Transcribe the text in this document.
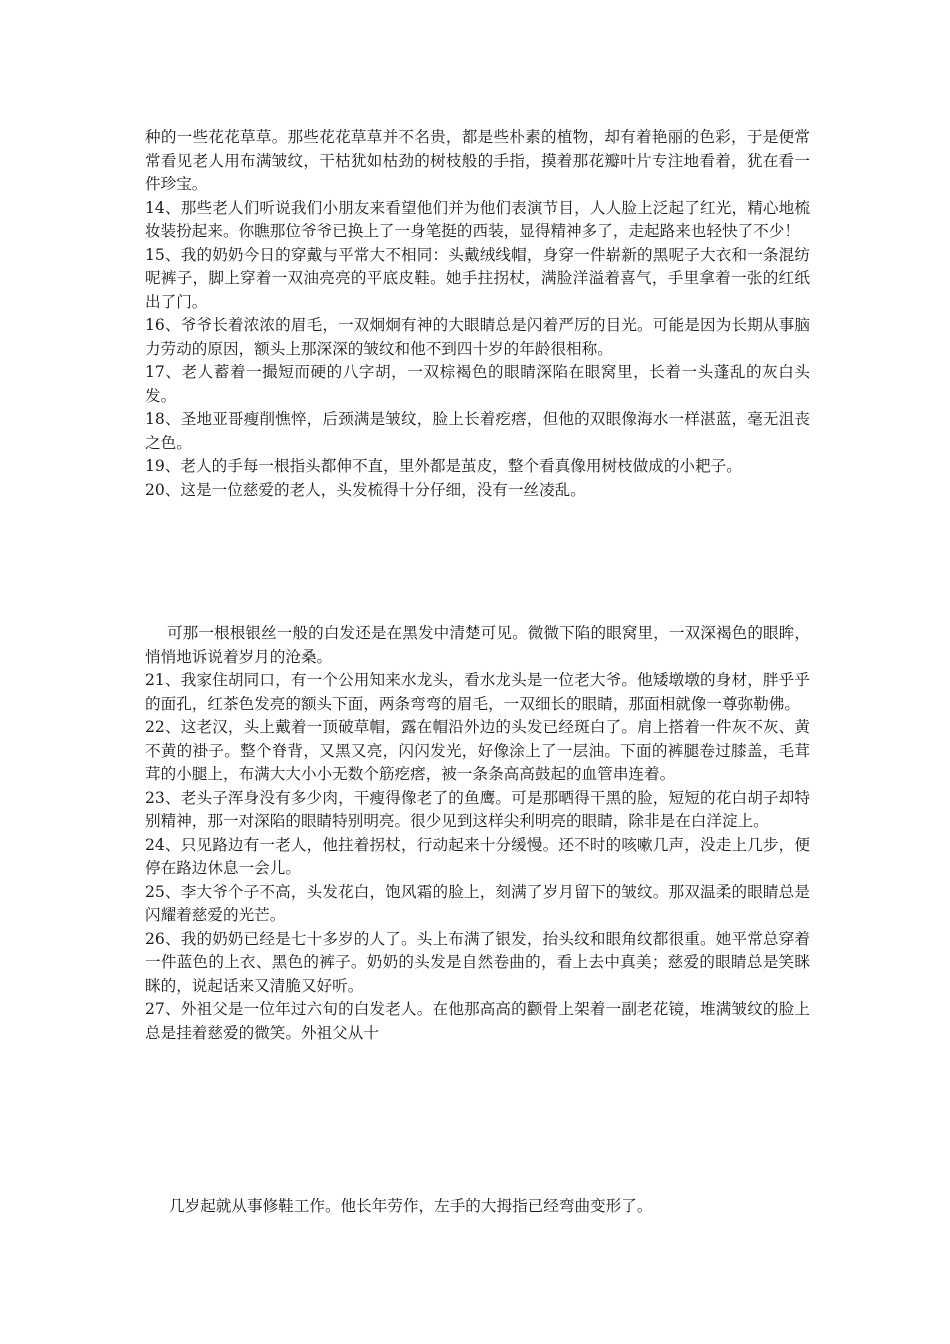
种的一些花花草草。那些花花草草并不名贵，都是些朴素的植物，却有着艳丽的色彩，于是便常常看见老人用布满皱纹，干枯犹如枯劲的树枝般的手指，摸着那花瓣叶片专注地看着，犹在看一件珍宝。

14、那些老人们听说我们小朋友来看望他们并为他们表演节目，人人脸上泛起了红光，精心地梳妆装扮起来。你瞧那位爷爷已换上了一身笔挺的西装，显得精神多了，走起路来也轻快了不少！

15、我的奶奶今日的穿戴与平常大不相同：头戴绒线帽，身穿一件崭新的黑呢子大衣和一条混纺呢裤子，脚上穿着一双油亮亮的平底皮鞋。她手拄拐杖，满脸洋溢着喜气，手里拿着一张的红纸出了门。

16、爷爷长着浓浓的眉毛，一双炯炯有神的大眼睛总是闪着严厉的目光。可能是因为长期从事脑力劳动的原因，额头上那深深的皱纹和他不到四十岁的年龄很相称。

17、老人蓄着一撮短而硬的八字胡，一双棕褐色的眼睛深陷在眼窝里，长着一头蓬乱的灰白头发。

18、圣地亚哥瘦削憔悴，后颈满是皱纹，脸上长着疙瘩，但他的双眼像海水一样湛蓝，毫无沮丧之色。

19、老人的手每一根指头都伸不直，里外都是茧皮，整个看真像用树枝做成的小耙子。

20、这是一位慈爱的老人，头发梳得十分仔细，没有一丝凌乱。

可那一根根银丝一般的白发还是在黑发中清楚可见。微微下陷的眼窝里，一双深褐色的眼眸，悄悄地诉说着岁月的沧桑。

21、我家住胡同口，有一个公用知来水龙头，看水龙头是一位老大爷。他矮墩墩的身材，胖乎乎的面孔，红茶色发亮的额头下面，两条弯弯的眉毛，一双细长的眼睛，那面相就像一尊弥勒佛。

22、这老汉，头上戴着一顶破草帽，露在帽沿外边的头发已经斑白了。肩上搭着一件灰不灰、黄不黄的褂子。整个脊背，又黑又亮，闪闪发光，好像涂上了一层油。下面的裤腿卷过膝盖，毛茸茸的小腿上，布满大大小小无数个筋疙瘩，被一条条高高鼓起的血管串连着。

23、老头子浑身没有多少肉，干瘦得像老了的鱼鹰。可是那晒得干黑的脸，短短的花白胡子却特别精神，那一对深陷的眼睛特别明亮。很少见到这样尖利明亮的眼睛，除非是在白洋淀上。

24、只见路边有一老人，他拄着拐杖，行动起来十分缓慢。还不时的咳嗽几声，没走上几步，便停在路边休息一会儿。

25、李大爷个子不高，头发花白，饱风霜的脸上，刻满了岁月留下的皱纹。那双温柔的眼睛总是闪耀着慈爱的光芒。

26、我的奶奶已经是七十多岁的人了。头上布满了银发，抬头纹和眼角纹都很重。她平常总穿着一件蓝色的上衣、黑色的裤子。奶奶的头发是自然卷曲的，看上去中真美；慈爱的眼睛总是笑眯眯的，说起话来又清脆又好听。

27、外祖父是一位年过六旬的白发老人。在他那高高的颧骨上架着一副老花镜，堆满皱纹的脸上总是挂着慈爱的微笑。外祖父从十

几岁起就从事修鞋工作。他长年劳作，左手的大拇指已经弯曲变形了。
